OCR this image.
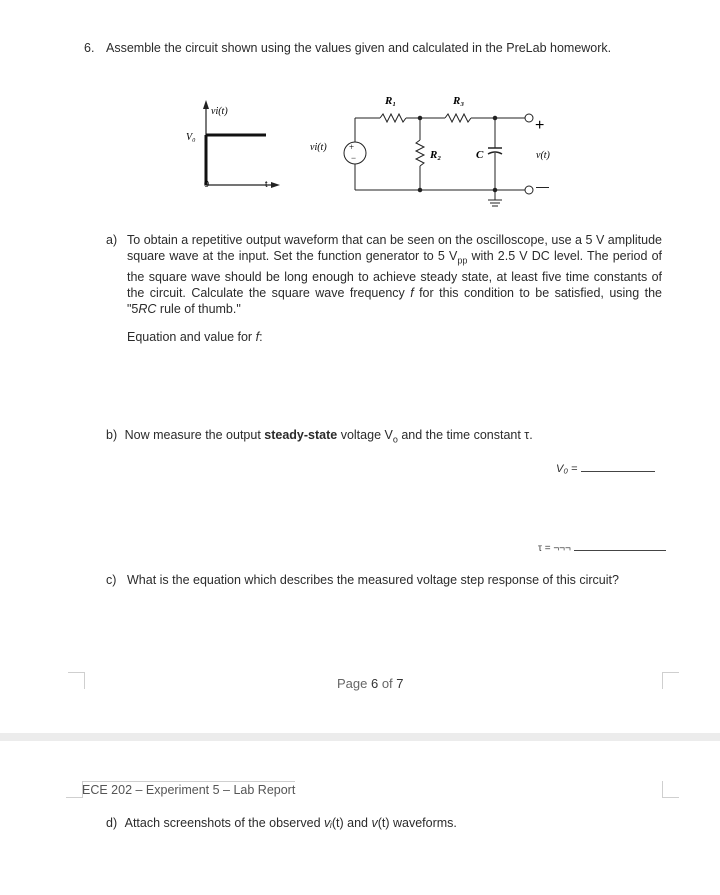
6. Assemble the circuit shown using the values given and calculated in the PreLab homework.
vi(t)
V₀
0	t
+
−
vi(t)
R₁	R₃
R₂	C	v(t)
+
—
a) To obtain a repetitive output waveform that can be seen on the oscilloscope, use a 5 V amplitude square wave at the input. Set the function generator to 5 $V_{pp}$ with 2.5 V DC level. The period of the square wave should be long enough to achieve steady state, at least five time constants of the circuit. Calculate the square wave frequency f for this condition to be satisfied, using the "5RC rule of thumb."
Equation and value for f:
b) Now measure the output steady-state voltage $V_o$ and the time constant τ.
V₀ =
τ = ¬¬¬
c) What is the equation which describes the measured voltage step response of this circuit?
Page 6 of 7
ECE 202 – Experiment 5 – Lab Report
d) Attach screenshots of the observed vᵢ(t) and v(t) waveforms.
